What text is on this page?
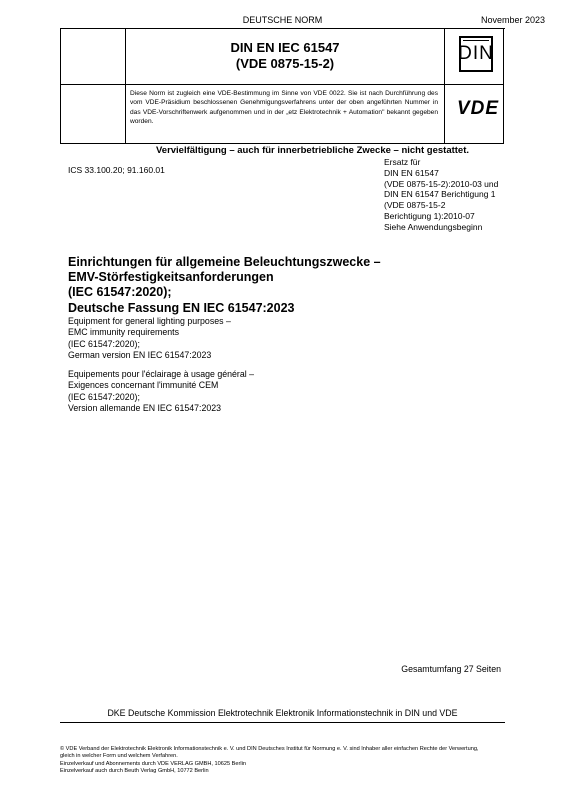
DEUTSCHE NORM	November 2023
DIN EN IEC 61547
(VDE 0875-15-2)
Diese Norm ist zugleich eine VDE-Bestimmung im Sinne von VDE 0022. Sie ist nach Durchführung des vom VDE-Präsidium beschlossenen Genehmigungsverfahrens unter der oben angeführten Nummer in das VDE-Vorschriftenwerk aufgenommen und in der „etz Elektrotechnik + Automation" bekannt gegeben worden.
DIN
VDE
Vervielfältigung – auch für innerbetriebliche Zwecke – nicht gestattet.
ICS 33.100.20; 91.160.01
Ersatz für
DIN EN 61547
(VDE 0875-15-2):2010-03 und
DIN EN 61547 Berichtigung 1
(VDE 0875-15-2
Berichtigung 1):2010-07
Siehe Anwendungsbeginn
Einrichtungen für allgemeine Beleuchtungszwecke –
EMV-Störfestigkeitsanforderungen
(IEC 61547:2020);
Deutsche Fassung EN IEC 61547:2023
Equipment for general lighting purposes –
EMC immunity requirements
(IEC 61547:2020);
German version EN IEC 61547:2023
Equipements pour l'éclairage à usage général –
Exigences concernant l'immunité CEM
(IEC 61547:2020);
Version allemande EN IEC 61547:2023
Gesamtumfang 27 Seiten
DKE Deutsche Kommission Elektrotechnik Elektronik Informationstechnik in DIN und VDE
© VDE Verband der Elektrotechnik Elektronik Informationstechnik e. V. und DIN Deutsches Institut für Normung e. V. sind Inhaber aller einfachen Rechte der Verwertung,
gleich in welcher Form und welchem Verfahren.
Einzelverkauf und Abonnements durch VDE VERLAG GMBH, 10625 Berlin
Einzelverkauf auch durch Beuth Verlag GmbH, 10772 Berlin
